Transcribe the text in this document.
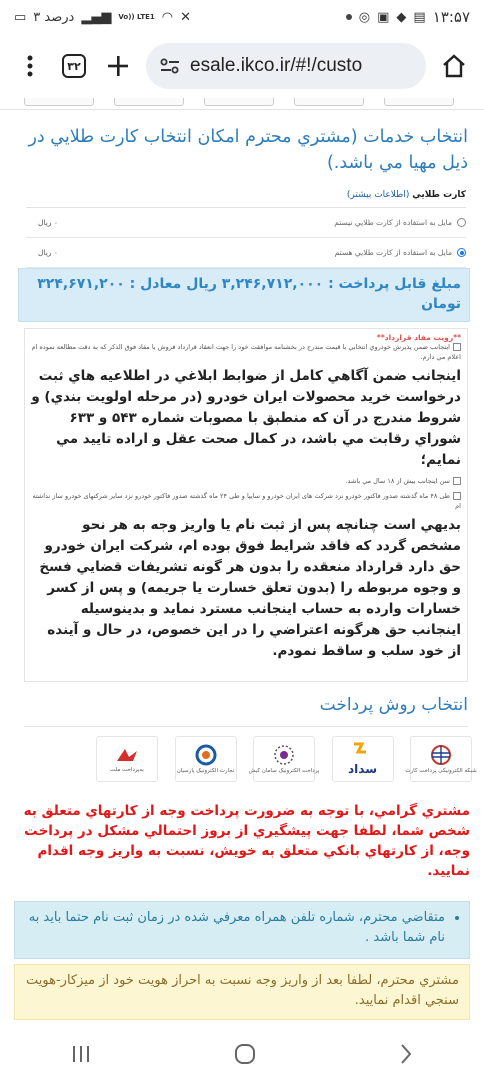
▭ ۳ درصد ▂▄▆ Vo)) LTE1 ◠ ✕	◎ ▣ ◆ ▤ ۱۳:۵۷
۳۲	esale.ikco.ir/#!/custo
انتخاب خدمات (مشتري محترم امكان انتخاب كارت طلايي در ذيل مهيا مي باشد.)
كارت طلايي (اطلاعات بیشتر)
مايل به استفاده از كارت طلايي نيستم
۰ ريال
مايل به استفاده از كارت طلايي هستم
۰ ريال
مبلغ قابل پرداخت : ۳,۲۴۶,۷۱۲,۰۰۰ ريال معادل : ۳۲۴,۶۷۱,۲۰۰ تومان
**رويت مفاد قرارداد**
اينجانب ضمن پذيرش خودروي انتخابي با قيمت مندرج در بخشنامه موافقت خود را جهت انعقاد قرارداد فروش با مفاد فوق الذكر كه به دقت مطالعه نموده ام اعلام مي دارم.
اينجانب ضمن آگاهي كامل از ضوابط ابلاغي در اطلاعيه هاي ثبت درخواست خريد محصولات ايران خودرو (در مرحله اولويت بندي) و شروط مندرج در آن كه منطبق با مصوبات شماره ۵۴۳ و ۶۳۳ شوراي رقابت مي باشد، در كمال صحت عقل و اراده تاييد مي نمايم؛
سن اينجانب بيش از ۱۸ سال مي باشد.
طی ۴۸ ماه گذشته صدور فاکتور خودرو نزد شرکت های ایران خودرو و سایپا و طی ۲۴ ماه گذشته صدور فاکتور خودرو نزد سایر شرکتهای خودرو ساز نداشته ام
بديهي است چنانچه پس از ثبت نام يا واريز وجه به هر نحو مشخص گردد كه فاقد شرايط فوق بوده ام، شركت ايران خودرو حق دارد قرارداد منعقده را بدون هر گونه تشريفات قضايي فسخ و وجوه مربوطه را (بدون تعلق خسارت يا جريمه) و پس از كسر خسارات وارده به حساب اينجانب مسترد نمايد و بدينوسيله اينجانب حق هرگونه اعتراضي را در اين خصوص، در حال و آينده از خود سلب و ساقط نمودم.
انتخاب روش پرداخت
شبکه الکترونیکی پرداخت کارت
سداد
پرداخت الکترونیک سامان کیش
تجارت الکترونیک پارسیان
به‌پرداخت ملت
مشتري گرامي، با توجه به ضرورت پرداخت وجه از كارتهاي متعلق به شخص شما، لطفا جهت پيشگيري از بروز احتمالي مشكل در پرداخت وجه، از كارتهاي بانكي متعلق به خويش، نسبت به واريز وجه اقدام نماييد.
• متقاضي محترم، شماره تلفن همراه معرفي شده در زمان ثبت نام حتما بايد به نام شما باشد .
مشتري محترم، لطفا بعد از واريز وجه نسبت به احراز هويت خود از ميزكار-هويت سنجي اقدام نماييد.
